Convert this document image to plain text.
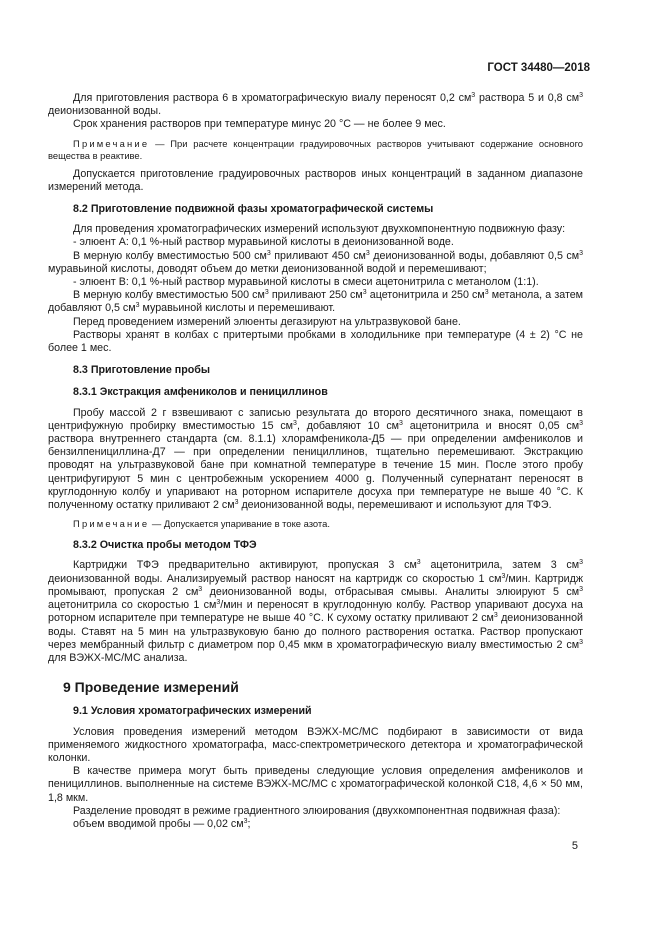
ГОСТ 34480—2018

Для приготовления раствора 6 в хроматографическую виалу переносят 0,2 $см^3$ раствора 5 и 0,8 $см^3$ деионизованной воды.

Срок хранения растворов при температуре минус 20 °С — не более 9 мес.

Примечание — При расчете концентрации градуировочных растворов учитывают содержание основного вещества в реактиве.

Допускается приготовление градуировочных растворов иных концентраций в заданном диапазоне измерений метода.

8.2 Приготовление подвижной фазы хроматографической системы

Для проведения хроматографических измерений используют двухкомпонентную подвижную фазу:

- элюент А: 0,1 %-ный раствор муравьиной кислоты в деионизованной воде.

В мерную колбу вместимостью 500 $см^3$ приливают 450 $см^3$ деионизованной воды, добавляют 0,5 $см^3$ муравьиной кислоты, доводят объем до метки деионизованной водой и перемешивают;

- элюент В: 0,1 %-ный раствор муравьиной кислоты в смеси ацетонитрила с метанолом (1:1).

В мерную колбу вместимостью 500 $см^3$ приливают 250 $см^3$ ацетонитрила и 250 $см^3$ метанола, а затем добавляют 0,5 $см^3$ муравьиной кислоты и перемешивают.

Перед проведением измерений элюенты дегазируют на ультразвуковой бане.

Растворы хранят в колбах с притертыми пробками в холодильнике при температуре (4 ± 2) °С не более 1 мес.

8.3 Приготовление пробы
8.3.1 Экстракция амфениколов и пенициллинов

Пробу массой 2 г взвешивают с записью результата до второго десятичного знака, помещают в центрифужную пробирку вместимостью 15 $см^3$, добавляют 10 $см^3$ ацетонитрила и вносят 0,05 $см^3$ раствора внутреннего стандарта (см. 8.1.1) хлорамфеникола-Д5 — при определении амфениколов и бензилпенициллина-Д7 — при определении пенициллинов, тщательно перемешивают. Экстракцию проводят на ультразвуковой бане при комнатной температуре в течение 15 мин. После этого пробу центрифугируют 5 мин с центробежным ускорением 4000 g. Полученный супернатант переносят в круглодонную колбу и упаривают на роторном испарителе досуха при температуре не выше 40 °С. К полученному остатку приливают 2 $см^3$ деионизованной воды, перемешивают и используют для ТФЭ.

Примечание — Допускается упаривание в токе азота.

8.3.2 Очистка пробы методом ТФЭ

Картриджи ТФЭ предварительно активируют, пропуская 3 $см^3$ ацетонитрила, затем 3 $см^3$ деионизованной воды. Анализируемый раствор наносят на картридж со скоростью 1 $см^3$/мин. Картридж промывают, пропуская 2 $см^3$ деионизованной воды, отбрасывая смывы. Аналиты элюируют 5 $см^3$ ацетонитрила со скоростью 1 $см^3$/мин и переносят в круглодонную колбу. Раствор упаривают досуха на роторном испарителе при температуре не выше 40 °С. К сухому остатку приливают 2 $см^3$ деионизованной воды. Ставят на 5 мин на ультразвуковую баню до полного растворения остатка. Раствор пропускают через мембранный фильтр с диаметром пор 0,45 мкм в хроматографическую виалу вместимостью 2 $см^3$ для ВЭЖХ-МС/МС анализа.

9 Проведение измерений
9.1 Условия хроматографических измерений

Условия проведения измерений методом ВЭЖХ-МС/МС подбирают в зависимости от вида применяемого жидкостного хроматографа, масс-спектрометрического детектора и хроматографической колонки.

В качестве примера могут быть приведены следующие условия определения амфениколов и пенициллинов. выполненные на системе ВЭЖХ-МС/МС с хроматографической колонкой С18, 4,6 × 50 мм, 1,8 мкм.

Разделение проводят в режиме градиентного элюирования (двухкомпонентная подвижная фаза):

объем вводимой пробы — 0,02 $см^3$;

5
